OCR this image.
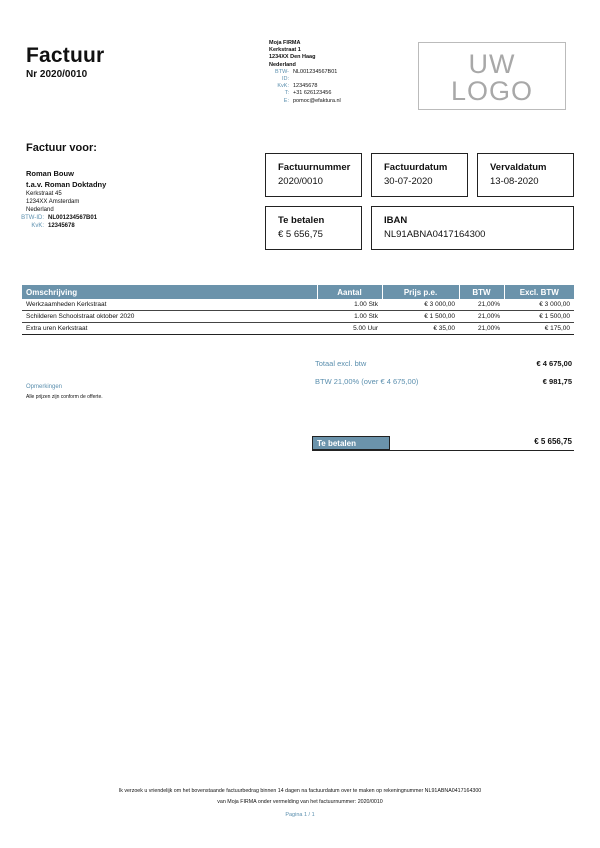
Factuur
Nr 2020/0010
Moja FIRMA
Kerkstraat 1
1234XX Den Haag
Nederland
BTW-ID:
NL001234567B01
KvK: 12345678
T: +31 626123456
E: pomoc@efaktura.nl
UW
LOGO
Factuur voor:
Roman Bouw
t.a.v. Roman Doktadny
Kerkstraat 45
1234XX Amsterdam
Nederland
BTW-ID: NL001234567B01
KvK: 12345678
Factuurnummer
2020/0010
Factuurdatum
30-07-2020
Vervaldatum
13-08-2020
Te betalen
€ 5 656,75
IBAN
NL91ABNA0417164300
Omschrijving	Aantal	Prijs p.e.	BTW	Excl. BTW
Werkzaamheden Kerkstraat	1.00 Stk	€ 3 000,00	21,00%	€ 3 000,00
Schilderen Schoolstraat oktober 2020	1.00 Stk	€ 1 500,00	21,00%	€ 1 500,00
Extra uren Kerkstraat	5.00 Uur	€ 35,00	21,00%	€ 175,00
Totaal excl. btw	€ 4 675,00
BTW 21,00% (over € 4 675,00)	€ 981,75
Opmerkingen
Alle prijzen zijn conform de offerte.
Te betalen	€ 5 656,75
Ik verzoek u vriendelijk om het bovenstaande factuurbedrag binnen 14 dagen na factuurdatum over te maken op rekeningnummer NL91ABNA0417164300
van Moja FIRMA onder vermelding van het factuurnummer: 2020/0010
Pagina 1 / 1
